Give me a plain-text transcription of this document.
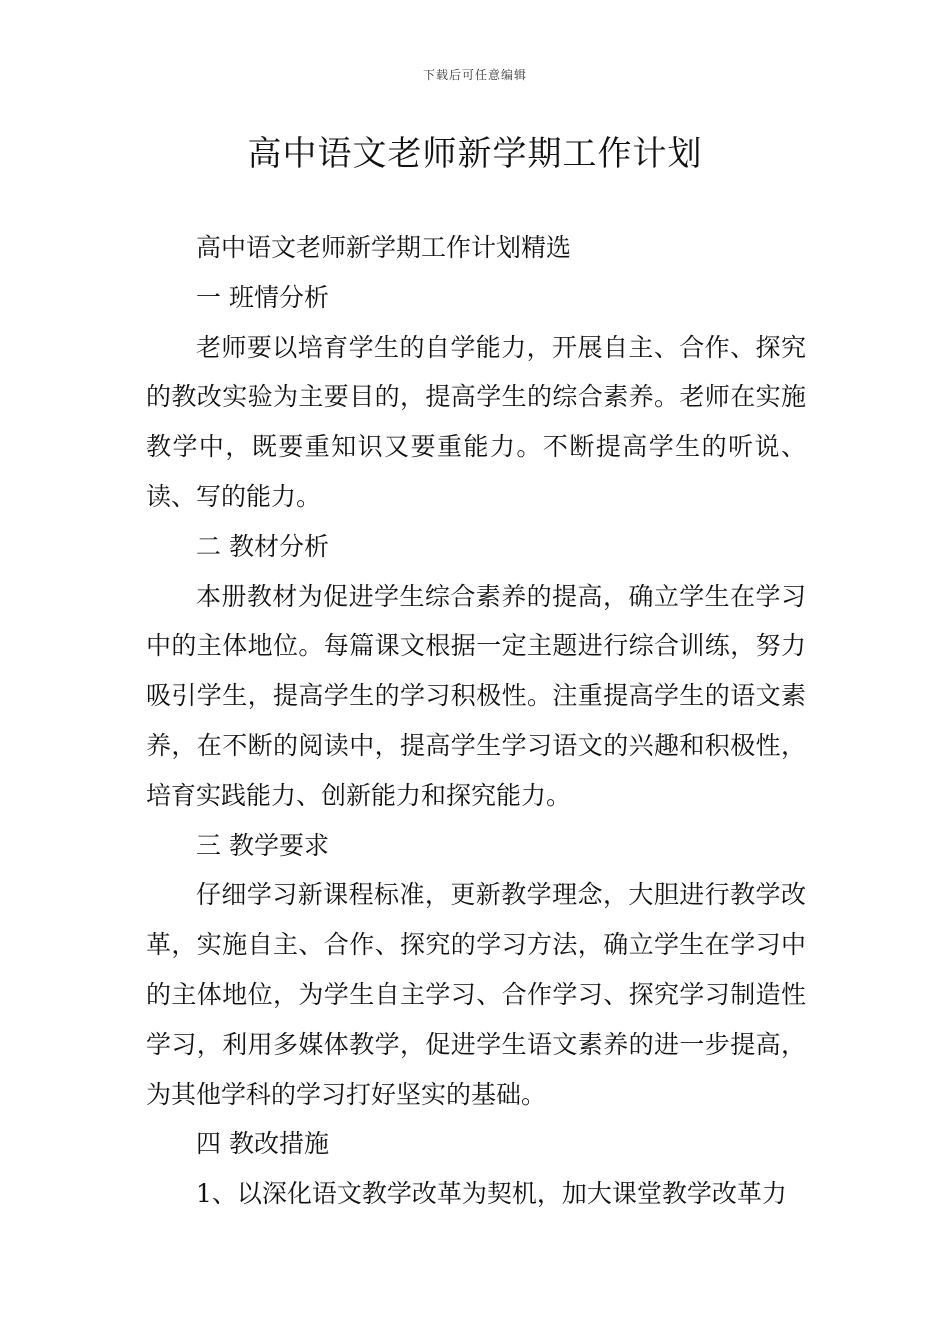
下载后可任意编辑
高中语文老师新学期工作计划

高中语文老师新学期工作计划精选

一 班情分析

老师要以培育学生的自学能力，开展自主、合作、探究的教改实验为主要目的，提高学生的综合素养。老师在实施教学中，既要重知识又要重能力。不断提高学生的听说、读、写的能力。

二 教材分析

本册教材为促进学生综合素养的提高，确立学生在学习中的主体地位。每篇课文根据一定主题进行综合训练，努力吸引学生，提高学生的学习积极性。注重提高学生的语文素养，在不断的阅读中，提高学生学习语文的兴趣和积极性，培育实践能力、创新能力和探究能力。

三 教学要求

仔细学习新课程标准，更新教学理念，大胆进行教学改革，实施自主、合作、探究的学习方法，确立学生在学习中的主体地位，为学生自主学习、合作学习、探究学习制造性学习，利用多媒体教学，促进学生语文素养的进一步提高，为其他学科的学习打好坚实的基础。

四 教改措施

1、以深化语文教学改革为契机，加大课堂教学改革力
